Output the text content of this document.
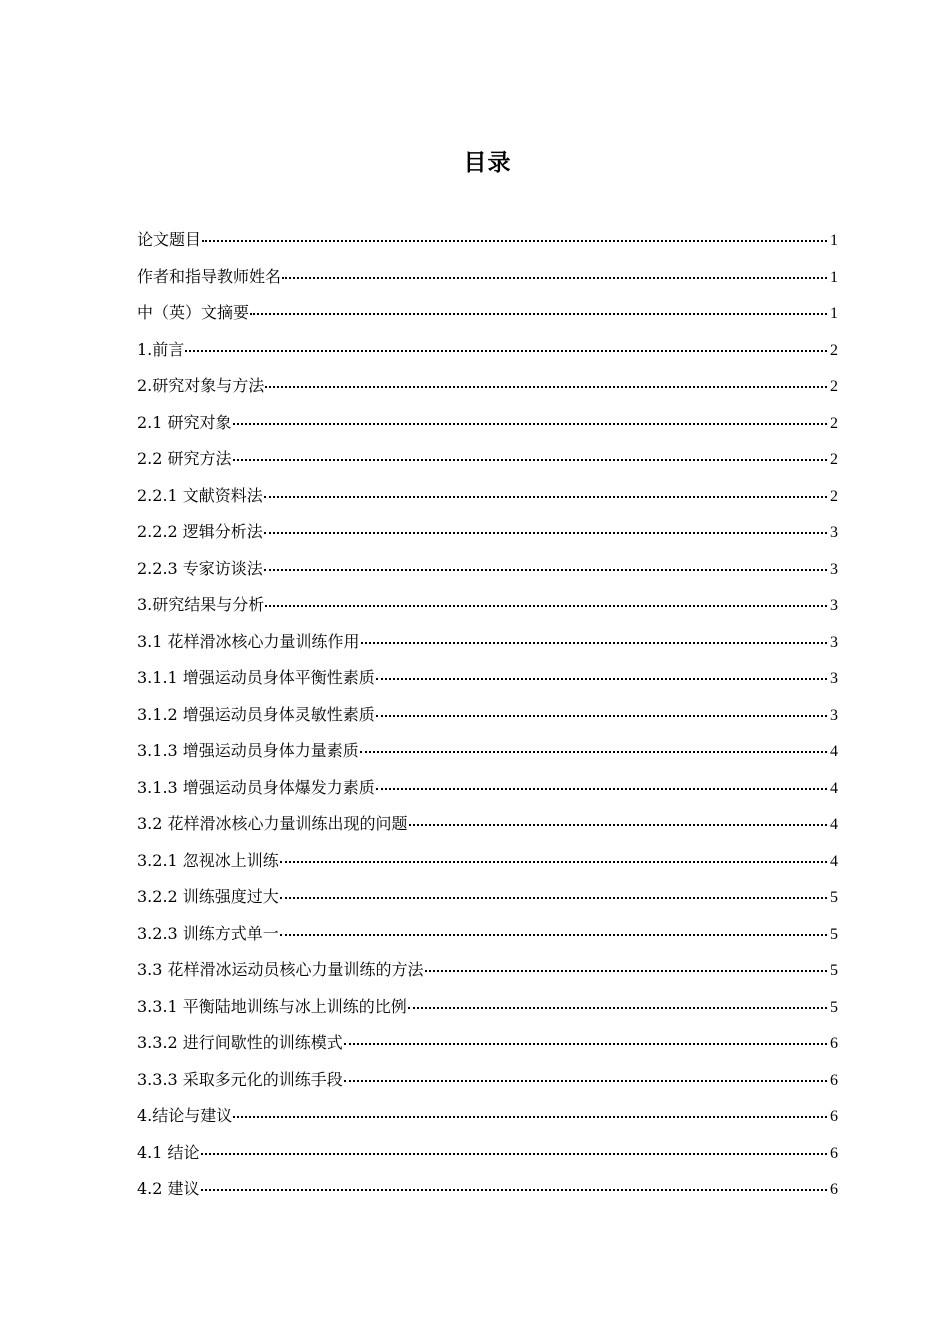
目录
论文题目	1
作者和指导教师姓名	1
中（英）文摘要	1
1.前言	2
2.研究对象与方法	2
2.1 研究对象	2
2.2 研究方法	2
2.2.1 文献资料法	2
2.2.2 逻辑分析法	3
2.2.3 专家访谈法	3
3.研究结果与分析	3
3.1 花样滑冰核心力量训练作用	3
3.1.1 增强运动员身体平衡性素质	3
3.1.2 增强运动员身体灵敏性素质	3
3.1.3 增强运动员身体力量素质	4
3.1.3 增强运动员身体爆发力素质	4
3.2 花样滑冰核心力量训练出现的问题	4
3.2.1 忽视冰上训练	4
3.2.2 训练强度过大	5
3.2.3 训练方式单一	5
3.3 花样滑冰运动员核心力量训练的方法	5
3.3.1 平衡陆地训练与冰上训练的比例	5
3.3.2 进行间歇性的训练模式	6
3.3.3 采取多元化的训练手段	6
4.结论与建议	6
4.1 结论	6
4.2 建议	6
